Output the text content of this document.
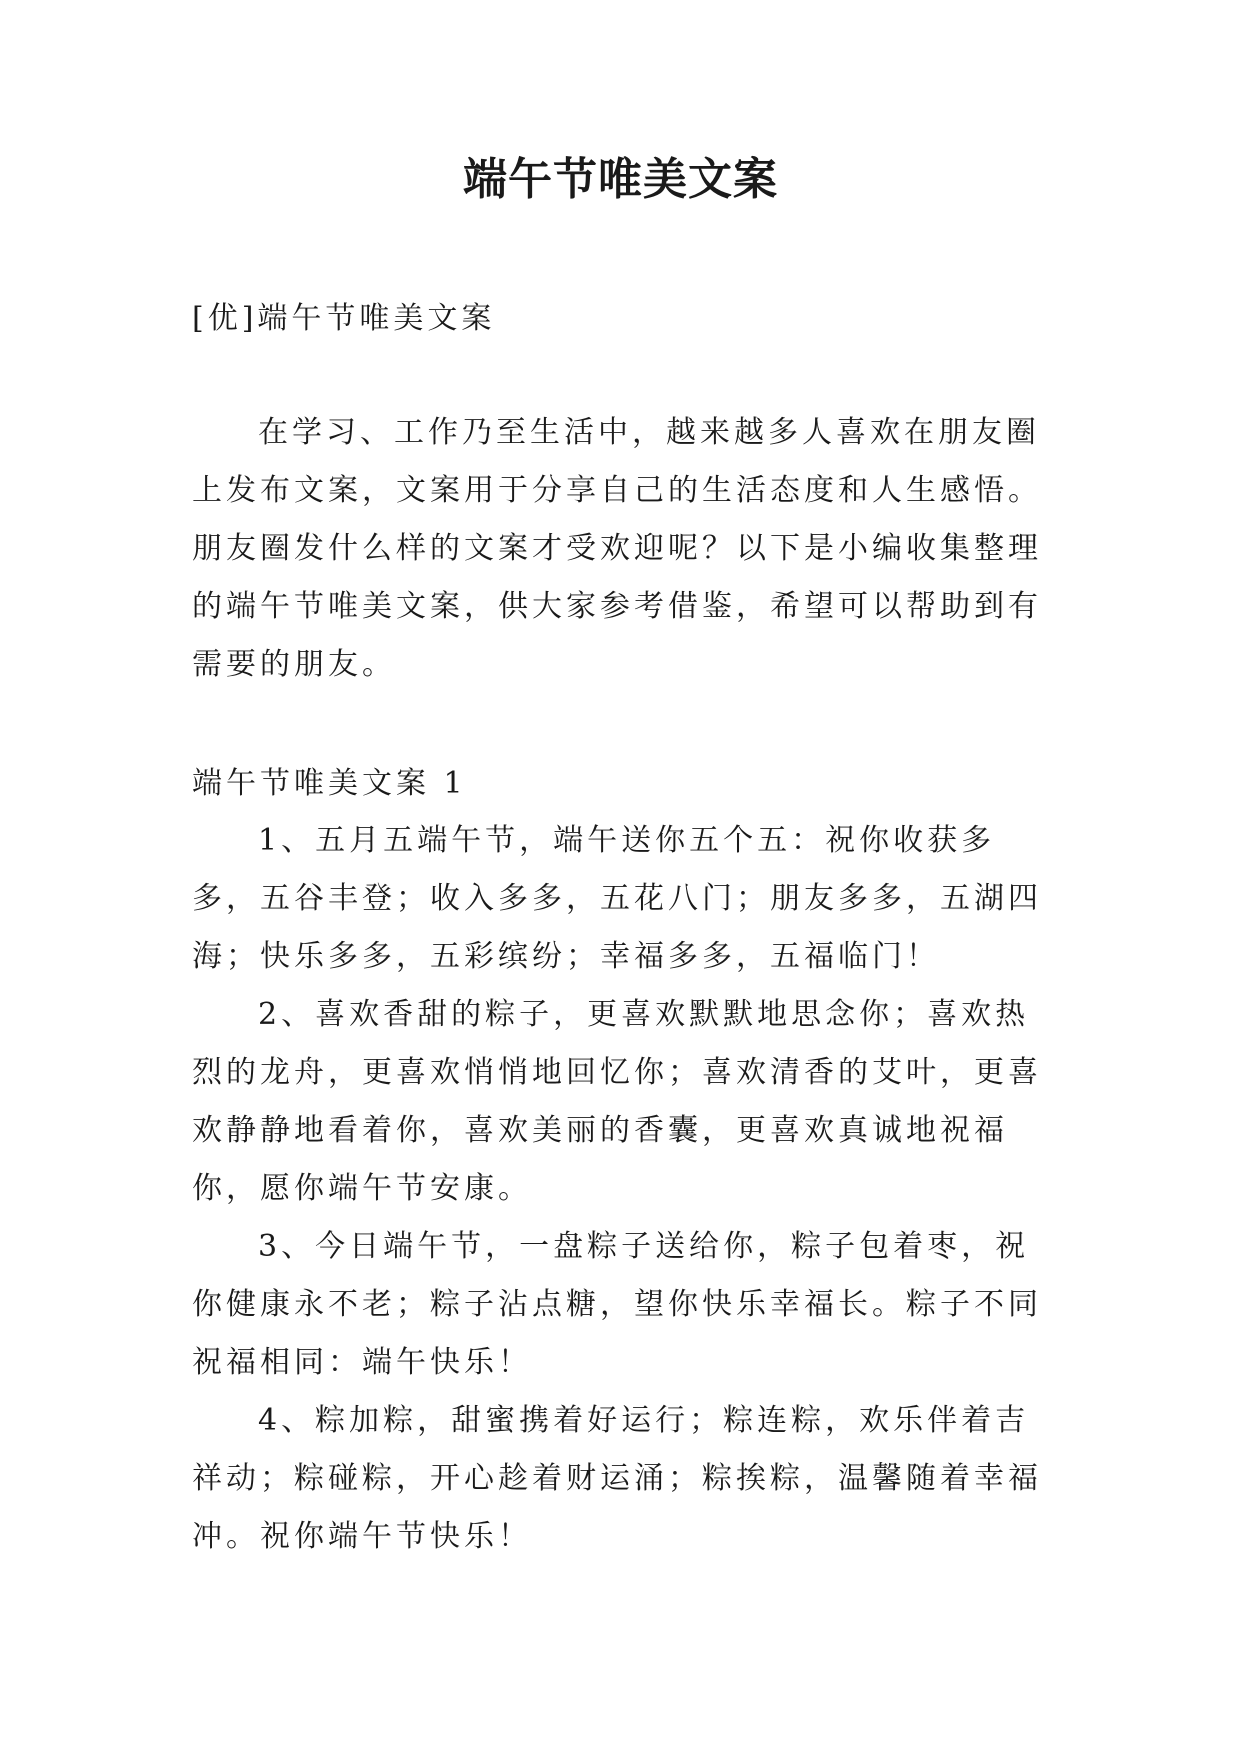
端午节唯美文案

[优]端午节唯美文案

在学习、工作乃至生活中，越来越多人喜欢在朋友圈上发布文案，文案用于分享自己的生活态度和人生感悟。朋友圈发什么样的文案才受欢迎呢？以下是小编收集整理的端午节唯美文案，供大家参考借鉴，希望可以帮助到有需要的朋友。

端午节唯美文案 1

1、五月五端午节，端午送你五个五：祝你收获多多，五谷丰登；收入多多，五花八门；朋友多多，五湖四海；快乐多多，五彩缤纷；幸福多多，五福临门！

2、喜欢香甜的粽子，更喜欢默默地思念你；喜欢热烈的龙舟，更喜欢悄悄地回忆你；喜欢清香的艾叶，更喜欢静静地看着你，喜欢美丽的香囊，更喜欢真诚地祝福你，愿你端午节安康。

3、今日端午节，一盘粽子送给你，粽子包着枣，祝你健康永不老；粽子沾点糖，望你快乐幸福长。粽子不同祝福相同：端午快乐！

4、粽加粽，甜蜜携着好运行；粽连粽，欢乐伴着吉祥动；粽碰粽，开心趁着财运涌；粽挨粽，温馨随着幸福冲。祝你端午节快乐！
